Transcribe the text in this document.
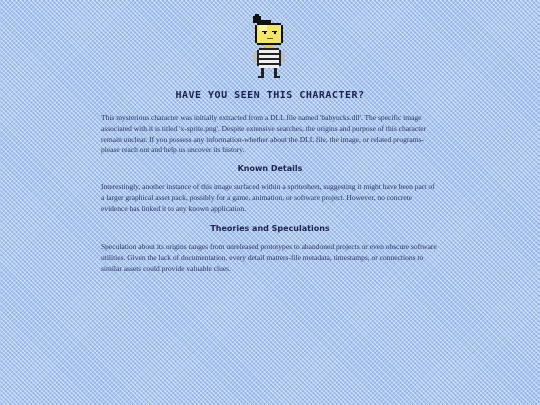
HAVE YOU SEEN THIS CHARACTER?

This mysterious character was initially extracted from a DLL file named 'babyucks.dll'. The specific image associated with it is titled 'x-sprite.png'. Despite extensive searches, the origins and purpose of this character remain unclear. If you possess any information-whether about the DLL file, the image, or related programs-please reach out and help us uncover its history.

Known Details

Interestingly, another instance of this image surfaced within a spritesheet, suggesting it might have been part of a larger graphical asset pack, possibly for a game, animation, or software project. However, no concrete evidence has linked it to any known application.

Theories and Speculations

Speculation about its origins ranges from unreleased prototypes to abandoned projects or even obscure software utilities. Given the lack of documentation, every detail matters-file metadata, timestamps, or connections to similar assets could provide valuable clues.
